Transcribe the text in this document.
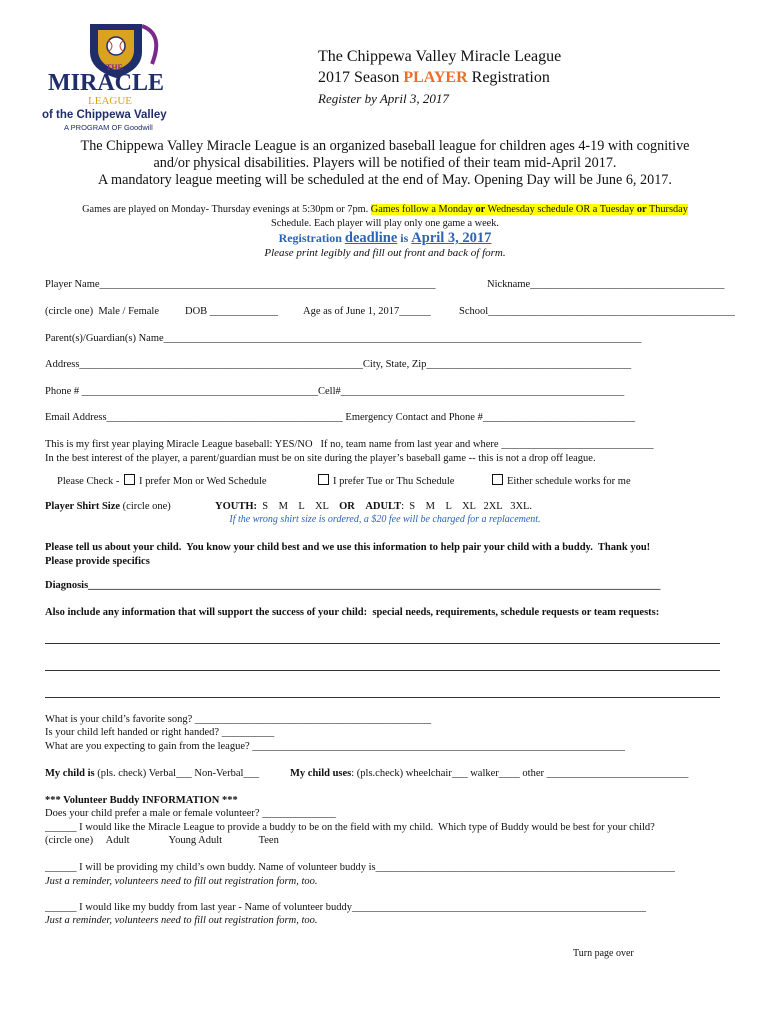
THE
MIRACLE
LEAGUE
of the Chippewa Valley
A PROGRAM OF Goodwill
The Chippewa Valley Miracle League
2017 Season PLAYER Registration
Register by April 3, 2017
The Chippewa Valley Miracle League is an organized baseball league for children ages 4-19 with cognitive
and/or physical disabilities. Players will be notified of their team mid-April 2017.
A mandatory league meeting will be scheduled at the end of May. Opening Day will be June 6, 2017.
Games are played on Monday- Thursday evenings at 5:30pm or 7pm. Games follow a Monday or Wednesday schedule OR a Tuesday or Thursday
Schedule. Each player will play only one game a week.
Registration deadline is April 3, 2017
Please print legibly and fill out front and back of form.
Player Name________________________________________________________________	Nickname_____________________________________
(circle one)  Male / Female DOB _____________ Age as of June 1, 2017______	School_______________________________________________
Parent(s)/Guardian(s) Name___________________________________________________________________________________________
Address______________________________________________________City, State, Zip_______________________________________
Phone # _____________________________________________Cell#______________________________________________________
Email Address_____________________________________________ Emergency Contact and Phone #_____________________________
This is my first year playing Miracle League baseball: YES/NO   If no, team name from last year and where _____________________________
In the best interest of the player, a parent/guardian must be on site during the player’s baseball game -- this is not a drop off league.
Please Check - I prefer Mon or Wed Schedule	I prefer Tue or Thu Schedule	Either schedule works for me
Player Shirt Size (circle one)	YOUTH:  S    M    L    XL OR ADULT:  S    M    L    XL   2XL   3XL.
If the wrong shirt size is ordered, a $20 fee will be charged for a replacement.
Please tell us about your child.  You know your child best and we use this information to help pair your child with a buddy.  Thank you!
Please provide specifics
Diagnosis_____________________________________________________________________________________________________________
Also include any information that will support the success of your child:  special needs, requirements, schedule requests or team requests:
What is your child’s favorite song? _____________________________________________
Is your child left handed or right handed? __________
What are you expecting to gain from the league? _______________________________________________________________________
My child is (pls. check) Verbal___ Non-Verbal___	My child uses: (pls.check) wheelchair___ walker____ other ___________________________
*** Volunteer Buddy INFORMATION ***
Does your child prefer a male or female volunteer? ______________
______ I would like the Miracle League to provide a buddy to be on the field with my child.  Which type of Buddy would be best for your child?
(circle one)     Adult               Young Adult              Teen
______ I will be providing my child’s own buddy. Name of volunteer buddy is_________________________________________________________
Just a reminder, volunteers need to fill out registration form, too.
______ I would like my buddy from last year - Name of volunteer buddy________________________________________________________
Just a reminder, volunteers need to fill out registration form, too.
Turn page over
